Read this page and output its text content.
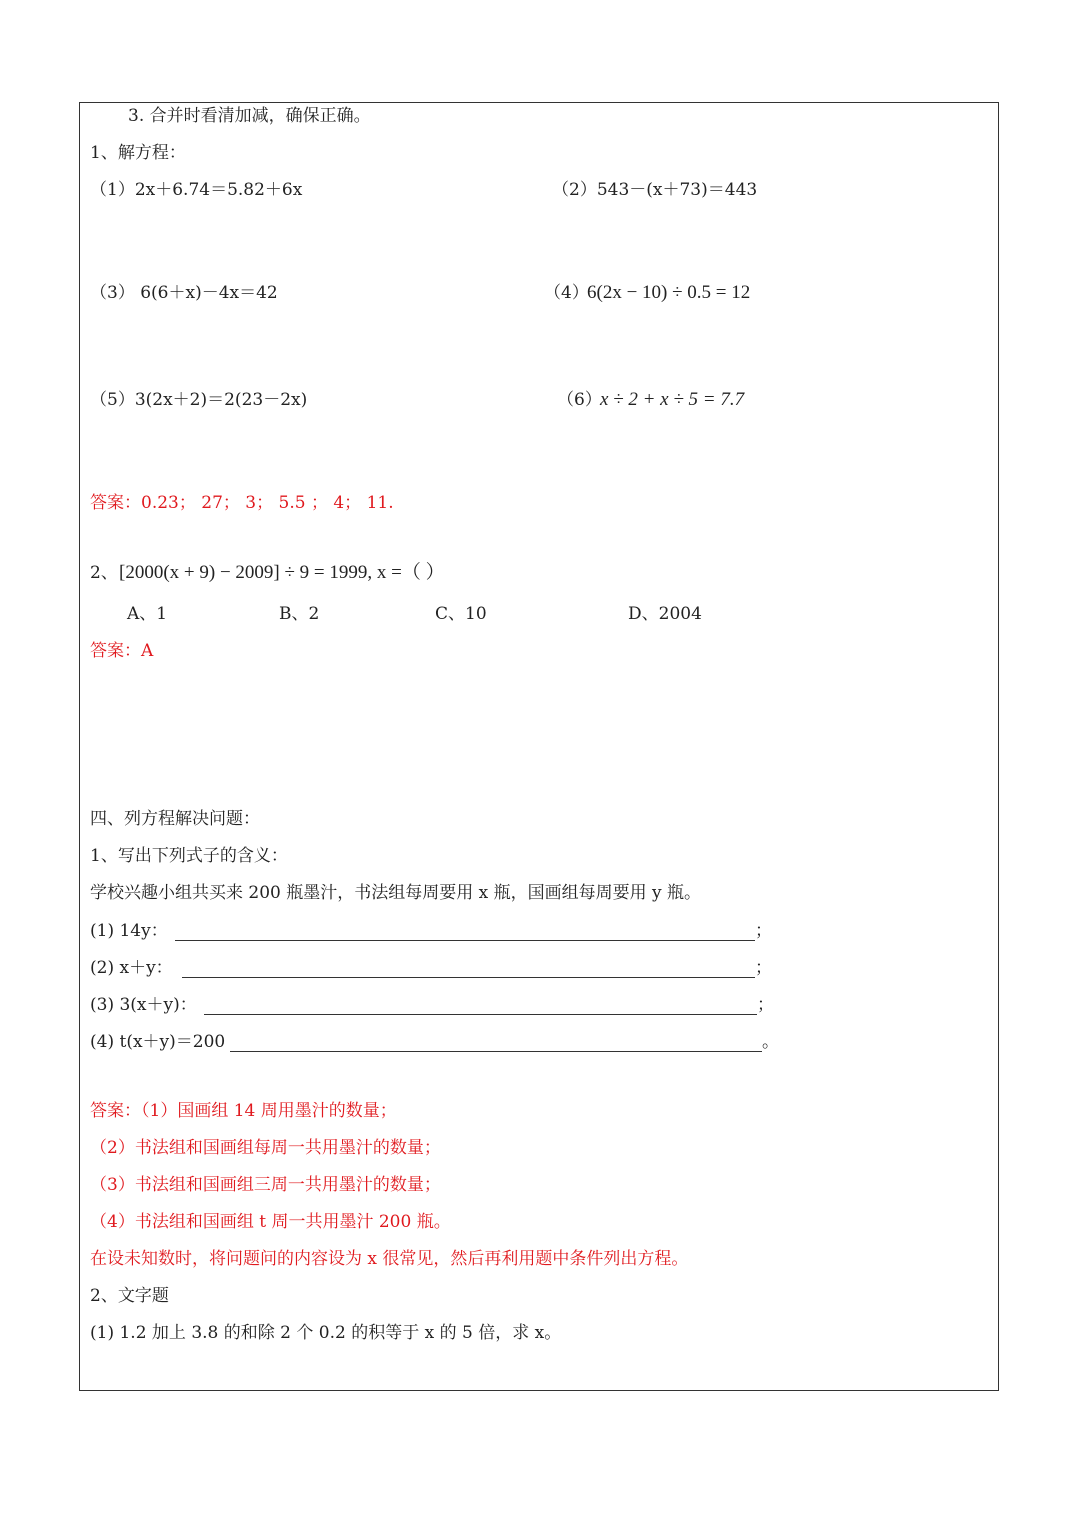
3. 合并时看清加减，确保正确。
1、解方程：
（1）2x＋6.74＝5.82＋6x	（2）543－(x＋73)＝443
（3） 6(6＋x)－4x＝42	（4）
6(2x − 10) ÷ 0.5 = 12
（5）3(2x＋2)＝2(23－2x)	（6）
x ÷ 2 + x ÷ 5 = 7.7
答案：0.23； 27； 3； 5.5 ； 4； 11.
2、 [2000(x + 9) − 2009] ÷ 9 = 1999, x =（ ）
A、1	B、2	C、10	D、2004
答案：A
四、列方程解决问题：
1、写出下列式子的含义：
学校兴趣小组共买来 200 瓶墨汁，书法组每周要用 x 瓶，国画组每周要用 y 瓶。
(1) 14y：	；
(2) x＋y：	；
(3) 3(x＋y)：	；
(4) t(x＋y)＝200	。
答案：（1）国画组 14 周用墨汁的数量；
（2）书法组和国画组每周一共用墨汁的数量；
（3）书法组和国画组三周一共用墨汁的数量；
（4）书法组和国画组 t 周一共用墨汁 200 瓶。
在设未知数时，将问题问的内容设为 x 很常见，然后再利用题中条件列出方程。
2、文字题
(1) 1.2 加上 3.8 的和除 2 个 0.2 的积等于 x 的 5 倍，求 x。
